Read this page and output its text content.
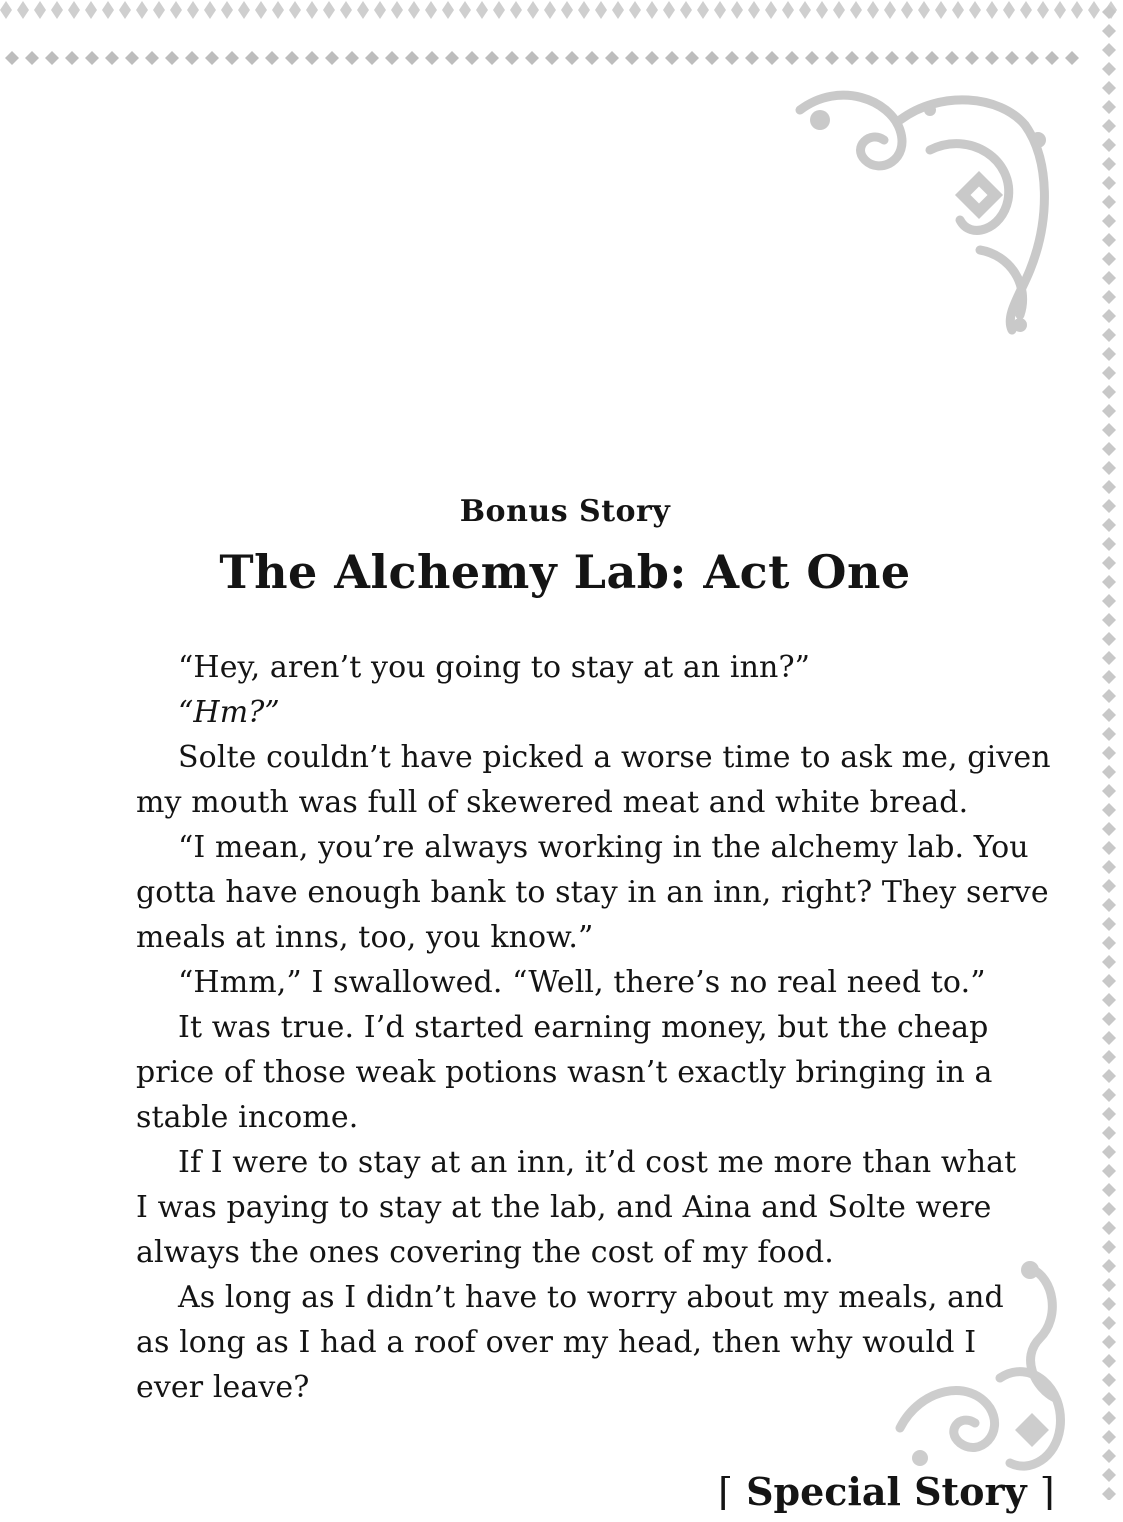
Bonus Story
The Alchemy Lab: Act One

“Hey, aren’t you going to stay at an inn?”

“Hm?”

Solte couldn’t have picked a worse time to ask me, given

my mouth was full of skewered meat and white bread.

“I mean, you’re always working in the alchemy lab. You

gotta have enough bank to stay in an inn, right? They serve

meals at inns, too, you know.”

“Hmm,” I swallowed. “Well, there’s no real need to.”

It was true. I’d started earning money, but the cheap

price of those weak potions wasn’t exactly bringing in a

stable income.

If I were to stay at an inn, it’d cost me more than what

I was paying to stay at the lab, and Aina and Solte were

always the ones covering the cost of my food.

As long as I didn’t have to worry about my meals, and

as long as I had a roof over my head, then why would I

ever leave?

⌈ Special Story ⌉
